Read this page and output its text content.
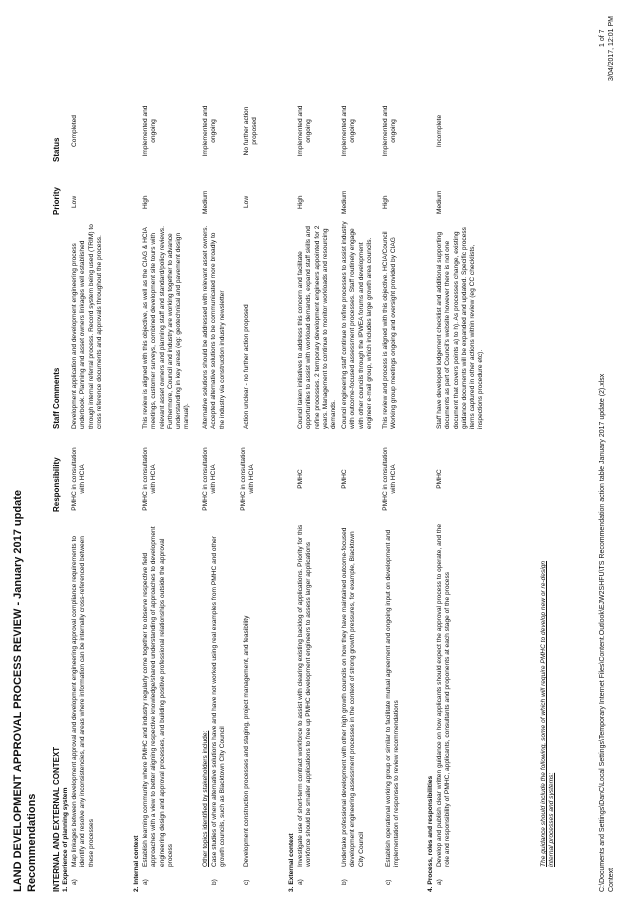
LAND DEVELOPMENT APPROVAL PROCESS REVIEW - January 2017 update Recommendations INTERNAL AND EXTERNAL CONTEXT
Responsibility
Staff Comments
Priority
Status
1. Experience of planning system a)
Map linkages between development approval and development engineering approval compliance requirements to identify and resolve any inconsistencies, and areas where information can be internally cross-referenced between these processes
PMHC in consultation with HCIA
Development application and development engineering process underbook. Planning and asset owners linkages well established through internal referral process. Record system being used (TRIM) to cross reference documents and approvals throughout the process.
Low
Completed
2. Internal context a)
Establish learning community where PMHC and industry regularly come together to observe respective field approaches with a view to better aligning respective knowledge/shared understanding of approaches to development engineering design and approval processes, and building positive professional relationships outside the approval process
PMHC in consultation with HCIA
This review is aligned with this objective, as well as the CIAG & HCIA meetings, customer surveys, combined development site tours with relevant asset owners and planning staff and standard/policy reviews. Furthermore, Council and industry are working together to advance understanding in key areas (eg: geotechnical and pavement design manual).
High
Implemented and ongoing
Other topics identified by stakeholders include:
b)
Case studies of where alternative solutions have and have not worked using real examples from PMHC and other growth councils, such as Blacktown City Council
PMHC in consultation with HCIA
Alternative solutions should be addressed with relevant asset owners. Accepted alternative solutions to be communicated more broadly to the industry via construction industry newsletter
Medium
Implemented and ongoing
c)
Development construction processes and staging, project management, and feasibility
PMHC in consultation with HCIA
Action unclear - no further action proposed
Low
No further action proposed
3. External context a)
Investigate use of short-term contract workforce to assist with clearing existing backlog of applications. Priority for this workforce should be smaller applications to free up PMHC development engineers to assess larger applications
PMHC
Council taken initiatives to address this concern and facilitate opportunities to assist with workload demands, expand staff skills and refine processes. 2 temporary development engineers appointed for 2 years. Management to continue to monitor workloads and resourcing demands.
High
Implemented and ongoing
b)
Undertake professional development with other high growth councils on how they have maintained outcome-focused development engineering assessment processes in the context of strong growth pressures, for example, Blacktown City Council
PMHC
Council engineering staff continue to refine processes to assist industry with outcome-focused assessment processes. Staff routinely engage with other councils through the IPWEA forums and development engineer e-mail group, which includes large growth area councils.
Medium
Implemented and ongoing
c)
Establish operational working group or similar to facilitate mutual agreement and ongoing input on development and implementation of responses to review recommendations
PMHC in consultation with HCIA
This review and process is aligned with this objective. HCIA/Council Working group meetings ongoing and oversight provided by CIAG
High
Implemented and ongoing
4. Process, roles and responsibilities a)
Develop and publish clear written guidance on how applicants should expect the approval process to operate, and the role and responsibility of PMHC, applicants, consultants and proponents at each stage of the process
PMHC
Staff have developed lodgement checklist and additional supporting documents as part of Council's website however there is not one document that covers points a) to h). As processes change, existing guidance documents will be expanded and updated. Specific process items captured in other actions within review (eg CC checklists, inspections procedure etc).
Medium
Incomplete
The guidance should include the following, some of which will require PMHC to develop new or re-design internal processes and systems:	C:\Documents and Settings\DanC\Local Settings\Temporary Internet Files\Content.Outlook\EJW2SHFU\TS Recommendation action table January 2017 update (2).xlsx Context
1 of 7 3/04/2017, 12:01 PM
